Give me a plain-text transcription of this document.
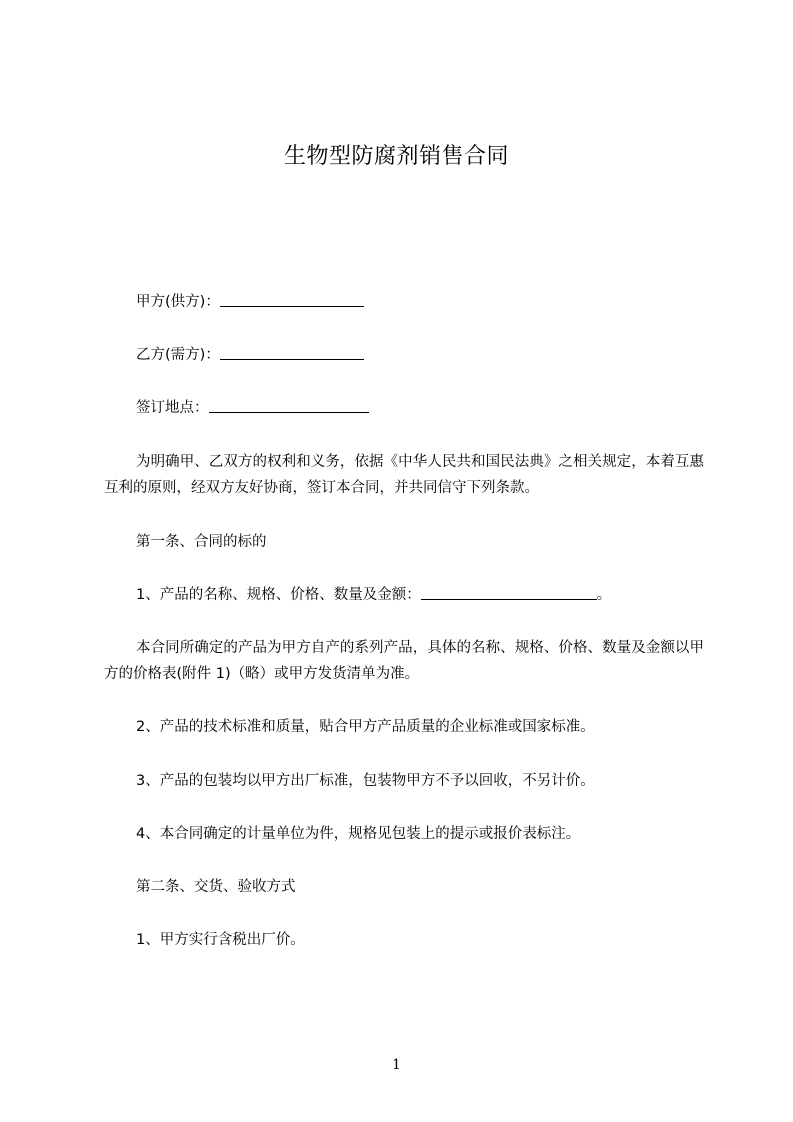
生物型防腐剂销售合同
甲方(供方)：
乙方(需方)：
签订地点：
为明确甲、乙双方的权利和义务，依据《中华人民共和国民法典》之相关规定，本着互惠互利的原则，经双方友好协商，签订本合同，并共同信守下列条款。
第一条、合同的标的
1、产品的名称、规格、价格、数量及金额：	。
本合同所确定的产品为甲方自产的系列产品，具体的名称、规格、价格、数量及金额以甲方的价格表(附件 1)（略）或甲方发货清单为准。
2、产品的技术标准和质量，贴合甲方产品质量的企业标准或国家标准。
3、产品的包装均以甲方出厂标准，包装物甲方不予以回收，不另计价。
4、本合同确定的计量单位为件，规格见包装上的提示或报价表标注。
第二条、交货、验收方式
1、甲方实行含税出厂价。
1
